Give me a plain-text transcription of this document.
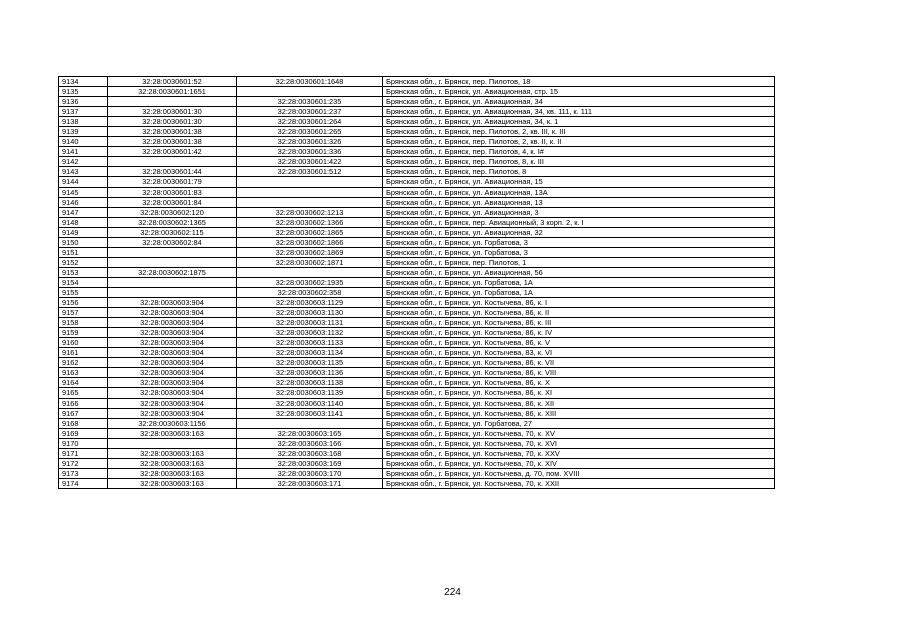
9134	32:28:0030601:52	32:28:0030601:1648	Брянская обл., г. Брянск, пер. Пилотов, 18
9135	32:28:0030601:1651		Брянская обл., г. Брянск, ул. Авиационная, стр. 15
9136		32:28:0030601:235	Брянская обл., г. Брянск, ул. Авиационная, 34
9137	32:28:0030601:30	32:28:0030601:237	Брянская обл., г. Брянск, ул. Авиационная, 34, кв. 111, к. 111
9138	32:28:0030601:30	32:28:0030601:264	Брянская обл., г. Брянск, ул. Авиационная, 34, к. 1
9139	32:28:0030601:38	32:28:0030601:265	Брянская обл., г. Брянск, пер. Пилотов, 2, кв. III, к. III
9140	32:28:0030601:38	32:28:0030601:326	Брянская обл., г. Брянск, пер. Пилотов, 2, кв. II, к. II
9141	32:28:0030601:42	32:28:0030601:336	Брянская обл., г. Брянск, пер. Пилотов, 4, к. I#
9142		32:28:0030601:422	Брянская обл., г. Брянск, пер. Пилотов, 8, к. III
9143	32:28:0030601:44	32:28:0030601:512	Брянская обл., г. Брянск, пер. Пилотов, 8
9144	32:28:0030601:79		Брянская обл., г. Брянск, ул. Авиационная, 15
9145	32:28:0030601:83		Брянская обл., г. Брянск, ул. Авиационная, 13А
9146	32:28:0030601:84		Брянская обл., г. Брянск, ул. Авиационная, 13
9147	32:28:0030602:120	32:28:0030602:1213	Брянская обл., г. Брянск, ул. Авиационная, 3
9148	32:28:0030602:1365	32:28:0030602:1366	Брянская обл., г. Брянск, пер. Авиационный, 3 корп. 2, к. I
9149	32:28:0030602:115	32:28:0030602:1865	Брянская обл., г. Брянск, ул. Авиационная, 32
9150	32:28:0030602:84	32:28:0030602:1866	Брянская обл., г. Брянск, ул. Горбатова, 3
9151		32:28:0030602:1869	Брянская обл., г. Брянск, ул. Горбатова, 3
9152		32:28:0030602:1871	Брянская обл., г. Брянск, пер. Пилотов, 1
9153	32:28:0030602:1875		Брянская обл., г. Брянск, ул. Авиационная, 56
9154		32:28:0030602:1935	Брянская обл., г. Брянск, ул. Горбатова, 1А
9155		32:28:0030602:358	Брянская обл., г. Брянск, ул. Горбатова, 1А
9156	32:28:0030603:904	32:28:0030603:1129	Брянская обл., г. Брянск, ул. Костычева, 86, к. I
9157	32:28:0030603:904	32:28:0030603:1130	Брянская обл., г. Брянск, ул. Костычева, 86, к. II
9158	32:28:0030603:904	32:28:0030603:1131	Брянская обл., г. Брянск, ул. Костычева, 86, к. III
9159	32:28:0030603:904	32:28:0030603:1132	Брянская обл., г. Брянск, ул. Костычева, 86, к. IV
9160	32:28:0030603:904	32:28:0030603:1133	Брянская обл., г. Брянск, ул. Костычева, 86, к. V
9161	32:28:0030603:904	32:28:0030603:1134	Брянская обл., г. Брянск, ул. Костычева, 83, к. VI
9162	32:28:0030603:904	32:28:0030603:1135	Брянская обл., г. Брянск, ул. Костычева, 86, к. VII
9163	32:28:0030603:904	32:28:0030603:1136	Брянская обл., г. Брянск, ул. Костычева, 86, к. VIII
9164	32:28:0030603:904	32:28:0030603:1138	Брянская обл., г. Брянск, ул. Костычева, 86, к. X
9165	32:28:0030603:904	32:28:0030603:1139	Брянская обл., г. Брянск, ул. Костычева, 86, к. XI
9166	32:28:0030603:904	32:28:0030603:1140	Брянская обл., г. Брянск, ул. Костычева, 86, к. XII
9167	32:28:0030603:904	32:28:0030603:1141	Брянская обл., г. Брянск, ул. Костычева, 86, к. XIII
9168	32:28:0030603:1156		Брянская обл., г. Брянск, ул. Горбатова, 27
9169	32:28:0030603:163	32:28:0030603:165	Брянская обл., г. Брянск, ул. Костычева, 70, к. XV
9170		32:28:0030603:166	Брянская обл., г. Брянск, ул. Костычева, 70, к. XVI
9171	32:28:0030603:163	32:28:0030603:168	Брянская обл., г. Брянск, ул. Костычева, 70, к. XXV
9172	32:28:0030603:163	32:28:0030603:169	Брянская обл., г. Брянск, ул. Костычева, 70, к. XIV
9173	32:28:0030603:163	32:28:0030603:170	Брянская обл., г. Брянск, ул. Костычева, д. 70, пом. XVIII
9174	32:28:0030603:163	32:28:0030603:171	Брянская обл., г. Брянск, ул. Костычева, 70, к. XXII
224
